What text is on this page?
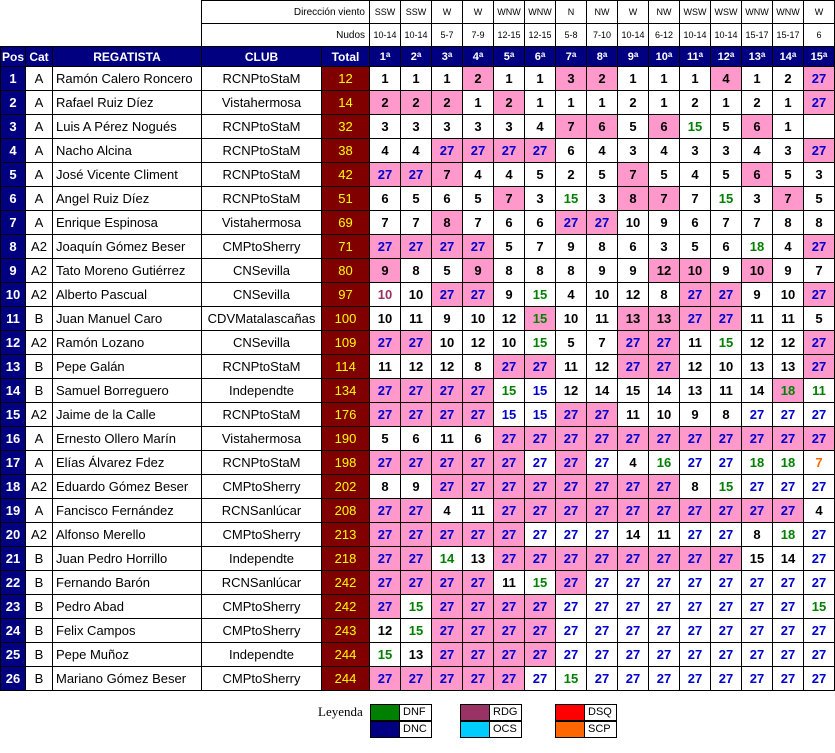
			Dirección viento		SSW	SSW	W	W	WNW	WNW	N	NW	W	NW	WSW	WSW	WNW	WNW	W
			Nudos		10-14	10-14	5-7	7-9	12-15	12-15	5-8	7-10	10-14	6-12	10-14	10-14	15-17	15-17	6
Pos	Cat	REGATISTA	CLUB	Total	1$^a$	2$^a$	3$^a$	4$^a$	5$^a$	6$^a$	7$^a$	8$^a$	9$^a$	10$^a$	11$^a$	12$^a$	13$^a$	14$^a$	15$^a$
1	A	Ramón Calero Roncero	RCNPtoStaM	12	1	1	1	2	1	1	3	2	1	1	1	4	1	2	27
2	A	Rafael Ruiz Díez	Vistahermosa	14	2	2	2	1	2	1	1	1	2	1	2	1	2	1	27
3	A	Luis A Pérez Nogués	RCNPtoStaM	32	3	3	3	3	3	4	7	6	5	6	15	5	6	1	
4	A	Nacho Alcina	RCNPtoStaM	38	4	4	27	27	27	27	6	4	3	4	3	3	4	3	27
5	A	José Vicente Climent	RCNPtoStaM	42	27	27	7	4	4	5	2	5	7	5	4	5	6	5	3
6	A	Angel Ruiz Díez	RCNPtoStaM	51	6	5	6	5	7	3	15	3	8	7	7	15	3	7	5
7	A	Enrique Espinosa	Vistahermosa	69	7	7	8	7	6	6	27	27	10	9	6	7	7	8	8
8	A2	Joaquín Gómez Beser	CMPtoSherry	71	27	27	27	27	5	7	9	8	6	3	5	6	18	4	27
9	A2	Tato Moreno Gutiérrez	CNSevilla	80	9	8	5	9	8	8	8	9	9	12	10	9	10	9	7
10	A2	Alberto Pascual	CNSevilla	97	10	10	27	27	9	15	4	10	12	8	27	27	9	10	27
11	B	Juan Manuel Caro	CDVMatalascañas	100	10	11	9	10	12	15	10	11	13	13	27	27	11	11	5
12	A2	Ramón Lozano	CNSevilla	109	27	27	10	12	10	15	5	7	27	27	11	15	12	12	27
13	B	Pepe Galán	RCNPtoStaM	114	11	12	12	8	27	27	11	12	27	27	12	10	13	13	27
14	B	Samuel Borreguero	Independte	134	27	27	27	27	15	15	12	14	15	14	13	11	14	18	11
15	A2	Jaime de la Calle	RCNPtoStaM	176	27	27	27	27	15	15	27	27	11	10	9	8	27	27	27
16	A	Ernesto Ollero Marín	Vistahermosa	190	5	6	11	6	27	27	27	27	27	27	27	27	27	27	27
17	A	Elías Álvarez Fdez	RCNPtoStaM	198	27	27	27	27	27	27	27	27	4	16	27	27	18	18	7
18	A2	Eduardo Gómez Beser	CMPtoSherry	202	8	9	27	27	27	27	27	27	27	27	8	15	27	27	27
19	A	Fancisco Fernández	RCNSanlúcar	208	27	27	4	11	27	27	27	27	27	27	27	27	27	27	4
20	A2	Alfonso Merello	CMPtoSherry	213	27	27	27	27	27	27	27	27	14	11	27	27	8	18	27
21	B	Juan Pedro Horrillo	Independte	218	27	27	14	13	27	27	27	27	27	27	27	27	15	14	27
22	B	Fernando Barón	RCNSanlúcar	242	27	27	27	27	11	15	27	27	27	27	27	27	27	27	27
23	B	Pedro Abad	CMPtoSherry	242	27	15	27	27	27	27	27	27	27	27	27	27	27	27	15
24	B	Felix Campos	CMPtoSherry	243	12	15	27	27	27	27	27	27	27	27	27	27	27	27	27
25	B	Pepe Muñoz	Independte	244	15	13	27	27	27	27	27	27	27	27	27	27	27	27	27
26	B	Mariano Gómez Beser	CMPtoSherry	244	27	27	27	27	27	27	15	27	27	27	27	27	27	27	27
Leyenda	DNF
DNC
RDG
OCS
DSQ
SCP
